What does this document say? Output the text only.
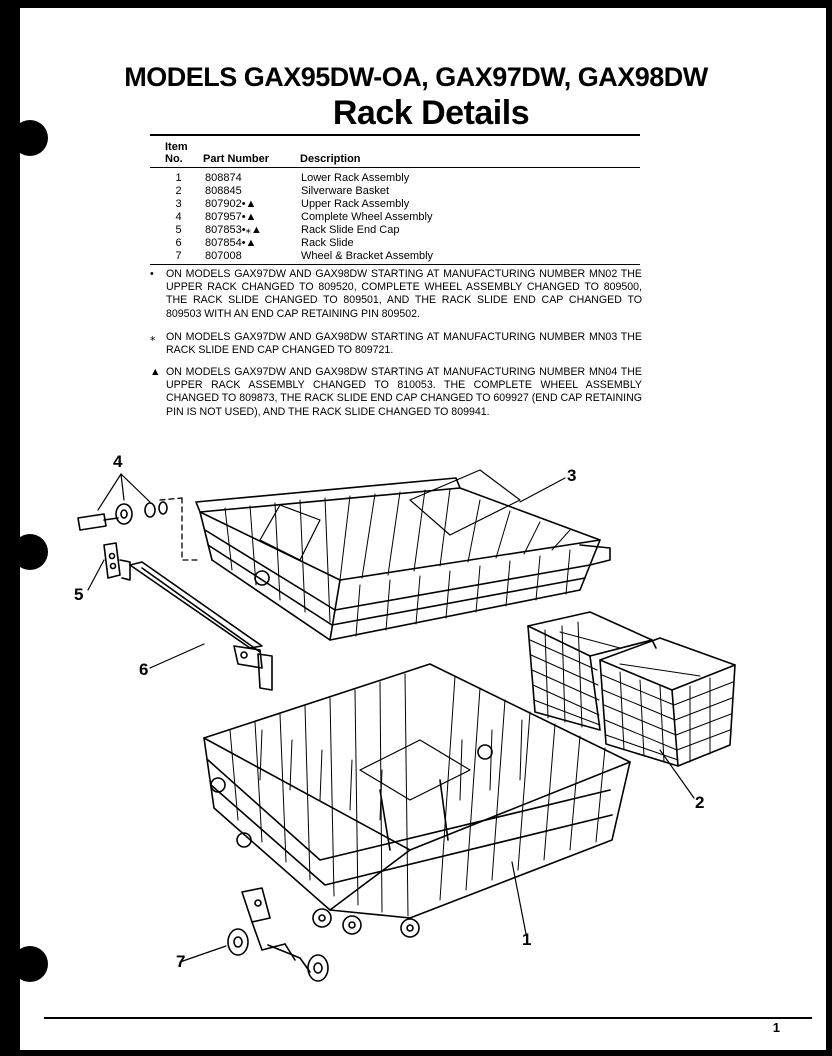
MODELS GAX95DW-OA, GAX97DW, GAX98DW
Rack Details
Item
No. Part Number	Description
1	808874	Lower Rack Assembly
2	808845	Silverware Basket
3	807902•▲	Upper Rack Assembly
4	807957•▲	Complete Wheel Assembly
5	807853•⁎▲	Rack Slide End Cap
6	807854•▲	Rack Slide
7	807008	Wheel & Bracket Assembly
•	ON MODELS GAX97DW AND GAX98DW STARTING AT MANUFACTURING NUMBER MN02 THE UPPER RACK CHANGED TO 809520, COMPLETE WHEEL ASSEMBLY CHANGED TO 809500, THE RACK SLIDE CHANGED TO 809501, AND THE RACK SLIDE END CAP CHANGED TO 809503 WITH AN END CAP RETAINING PIN 809502.
⁎	ON MODELS GAX97DW AND GAX98DW STARTING AT MANUFACTURING NUMBER MN03 THE RACK SLIDE END CAP CHANGED TO 809721.
▲ ON MODELS GAX97DW AND GAX98DW STARTING AT MANUFACTURING NUMBER MN04 THE UPPER RACK ASSEMBLY CHANGED TO 810053. THE COMPLETE WHEEL ASSEMBLY CHANGED TO 809873, THE RACK SLIDE END CAP CHANGED TO 609927 (END CAP RETAINING PIN IS NOT USED), AND THE RACK SLIDE CHANGED TO 809941.
4
3
5
6
2
1
7
1
